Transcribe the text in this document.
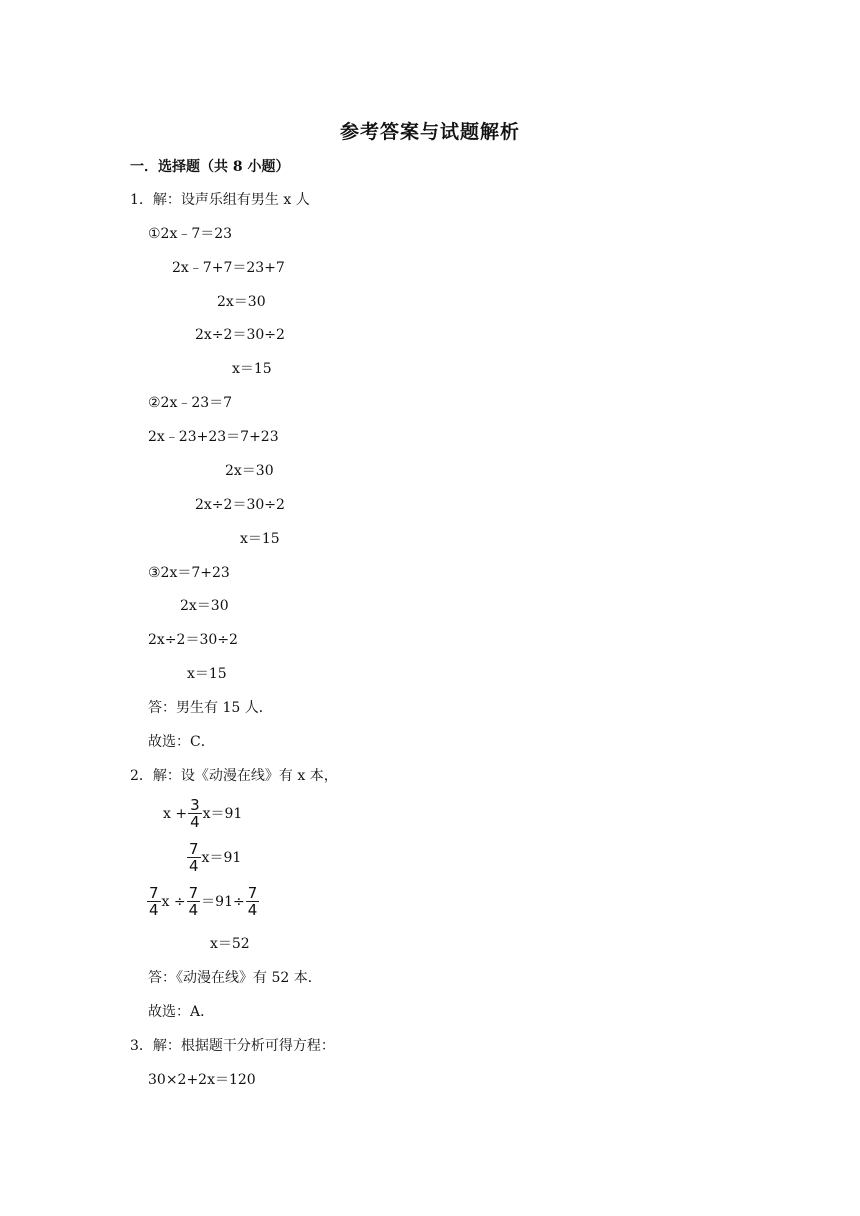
参考答案与试题解析
一．选择题（共 8 小题）
1．解：设声乐组有男生 x 人
①2x﹣7＝23
2x﹣7+7＝23+7
2x＝30
2x÷2＝30÷2
x＝15
②2x﹣23＝7
2x﹣23+23＝7+23
2x＝30
2x÷2＝30÷2
x＝15
③2x＝7+23
2x＝30
2x÷2＝30÷2
x＝15
答：男生有 15 人．
故选：C．
2．解：设《动漫在线》有 x 本，
$x + \frac{3}{4} x=91$
$\frac{7}{4} x=91$
$\frac{7}{4}$ $x \div \frac{7}{4} =91\div \frac{7}{4}$
x＝52
答：《动漫在线》有 52 本．
故选：A．
3．解：根据题干分析可得方程：
30×2+2x＝120
